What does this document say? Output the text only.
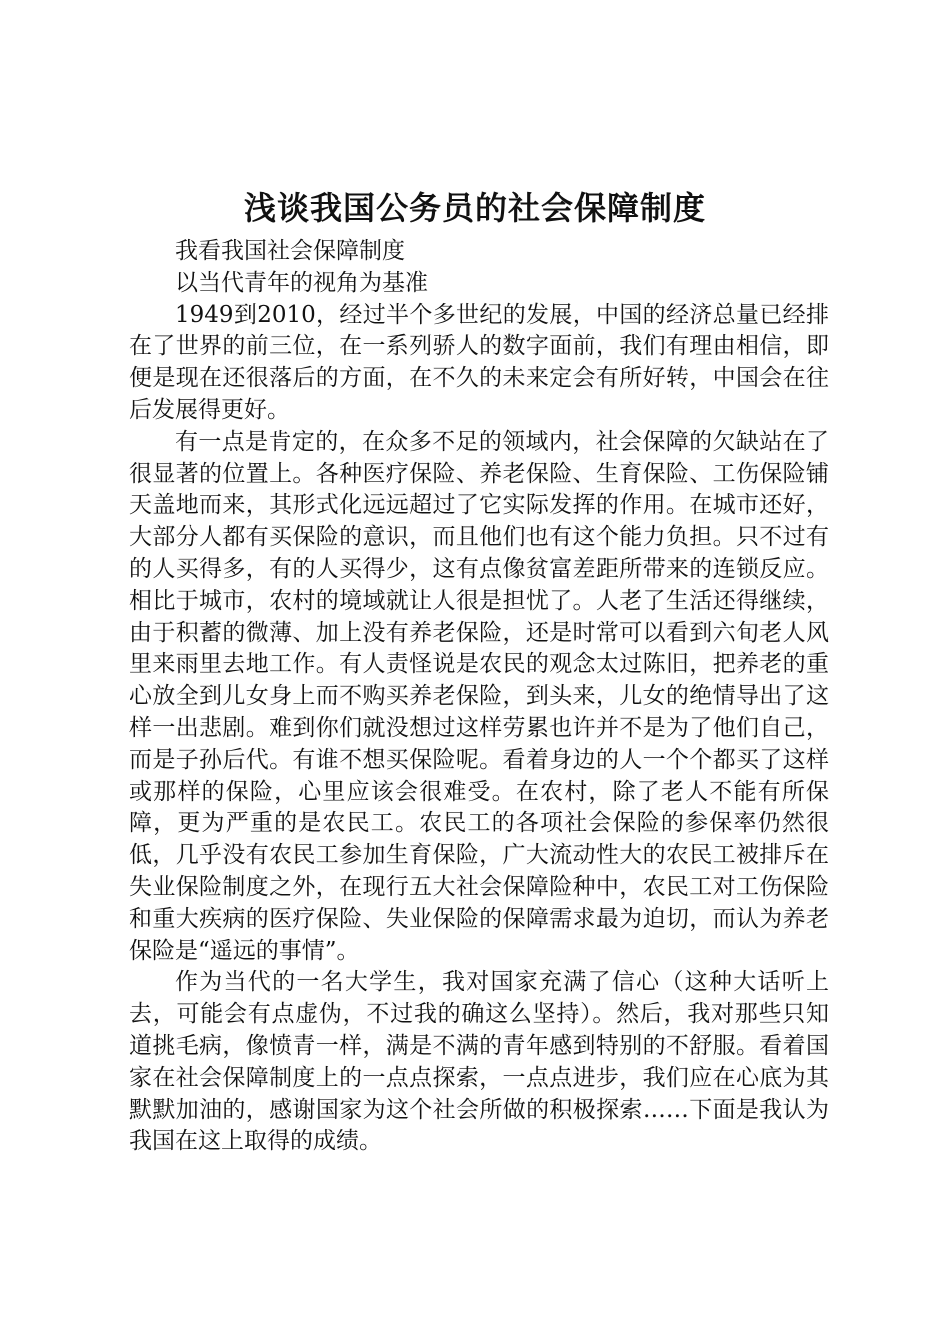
浅谈我国公务员的社会保障制度

我看我国社会保障制度

以当代青年的视角为基准

1949到2010，经过半个多世纪的发展，中国的经济总量已经排在了世界的前三位，在一系列骄人的数字面前，我们有理由相信，即便是现在还很落后的方面，在不久的未来定会有所好转，中国会在往后发展得更好。

有一点是肯定的，在众多不足的领域内，社会保障的欠缺站在了很显著的位置上。各种医疗保险、养老保险、生育保险、工伤保险铺天盖地而来，其形式化远远超过了它实际发挥的作用。在城市还好，大部分人都有买保险的意识，而且他们也有这个能力负担。只不过有的人买得多，有的人买得少，这有点像贫富差距所带来的连锁反应。相比于城市，农村的境域就让人很是担忧了。人老了生活还得继续，由于积蓄的微薄、加上没有养老保险，还是时常可以看到六旬老人风里来雨里去地工作。有人责怪说是农民的观念太过陈旧，把养老的重心放全到儿女身上而不购买养老保险，到头来，儿女的绝情导出了这样一出悲剧。难到你们就没想过这样劳累也许并不是为了他们自己，而是子孙后代。有谁不想买保险呢。看着身边的人一个个都买了这样或那样的保险，心里应该会很难受。在农村，除了老人不能有所保障，更为严重的是农民工。农民工的各项社会保险的参保率仍然很低，几乎没有农民工参加生育保险，广大流动性大的农民工被排斥在失业保险制度之外，在现行五大社会保障险种中，农民工对工伤保险和重大疾病的医疗保险、失业保险的保障需求最为迫切，而认为养老保险是“遥远的事情”。

作为当代的一名大学生，我对国家充满了信心（这种大话听上去，可能会有点虚伪，不过我的确这么坚持）。然后，我对那些只知道挑毛病，像愤青一样，满是不满的青年感到特别的不舒服。看着国家在社会保障制度上的一点点探索，一点点进步，我们应在心底为其默默加油的，感谢国家为这个社会所做的积极探索……下面是我认为我国在这上取得的成绩。
